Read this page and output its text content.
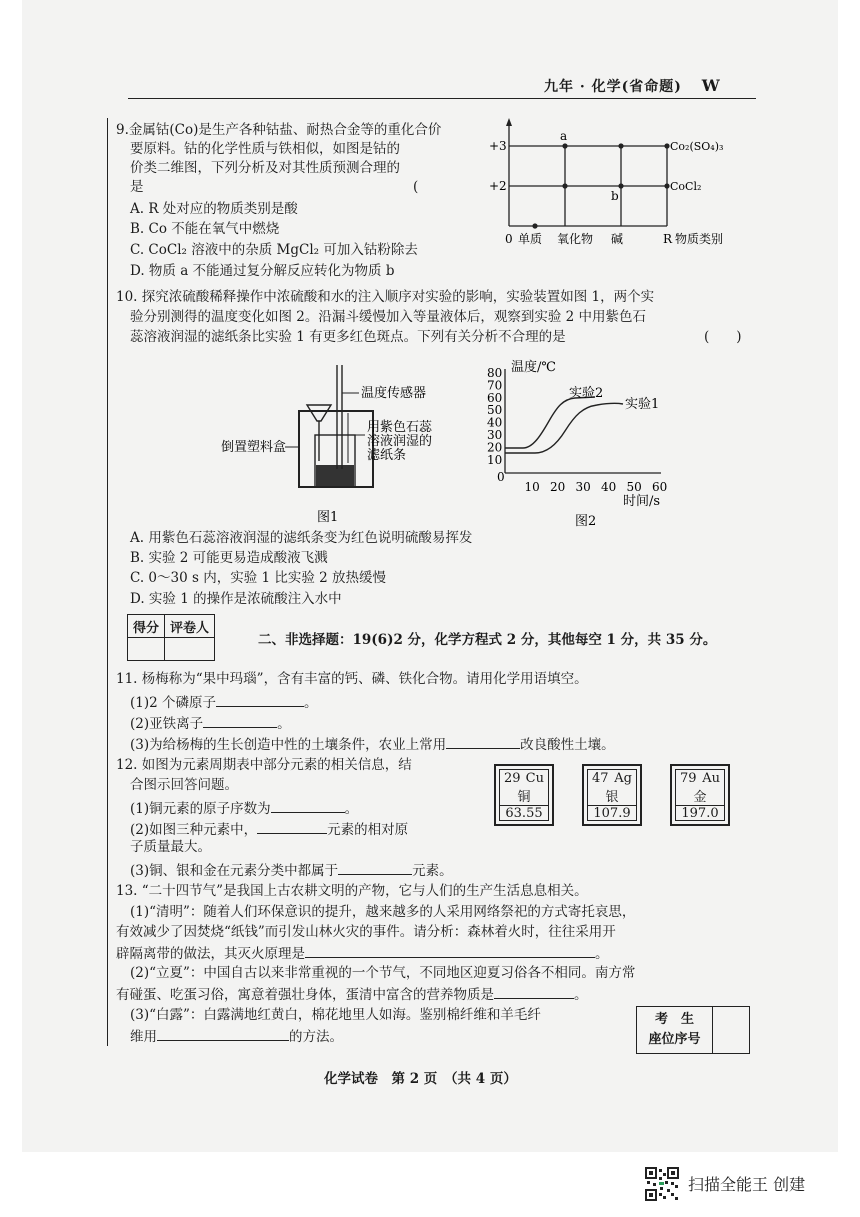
九年 · 化学(省命题) W
9.金属钴(Co)是生产各种钴盐、耐热合金等的重化合价
要原料。钴的化学性质与铁相似，如图是钴的
价类二维图，下列分析及对其性质预测合理的
是	(
A. R 处对应的物质类别是酸
B. Co 不能在氧气中燃烧
C. CoCl₂ 溶液中的杂质 MgCl₂ 可加入钴粉除去
D. 物质 a 不能通过复分解反应转化为物质 b
+3
+2
a
b
Co₂(SO₄)₃
CoCl₂
0 单质 氧化物 碱	R 物质类别
10. 探究浓硫酸稀释操作中浓硫酸和水的注入顺序对实验的影响，实验装置如图 1，两个实
验分别测得的温度变化如图 2。沿漏斗缓慢加入等量液体后，观察到实验 2 中用紫色石
蕊溶液润湿的滤纸条比实验 1 有更多红色斑点。下列有关分析不合理的是	(　　)
温度传感器
倒置塑料盒
用紫色石蕊
溶液润湿的
滤纸条
图1
温度/℃
时间/s
80
70
60
50
40
30
20
10
0
10 20 30 40 50 60
实验2
实验1
图2
A. 用紫色石蕊溶液润湿的滤纸条变为红色说明硫酸易挥发
B. 实验 2 可能更易造成酸液飞溅
C. 0～30 s 内，实验 1 比实验 2 放热缓慢
D. 实验 1 的操作是浓硫酸注入水中
得分	评卷人

二、非选择题：19(6)2 分，化学方程式 2 分，其他每空 1 分，共 35 分。
11. 杨梅称为“果中玛瑙”，含有丰富的钙、磷、铁化合物。请用化学用语填空。
(1)2 个磷原子	。
(2)亚铁离子	。
(3)为给杨梅的生长创造中性的土壤条件，农业上常用	改良酸性土壤。
12. 如图为元素周期表中部分元素的相关信息，结
合图示回答问题。
(1)铜元素的原子序数为	。
(2)如图三种元素中，	元素的相对原
子质量最大。
(3)铜、银和金在元素分类中都属于	元素。
29 Cu
铜
63.55
47 Ag
银
107.9
79 Au
金
197.0
13. “二十四节气”是我国上古农耕文明的产物，它与人们的生产生活息息相关。
(1)“清明”：随着人们环保意识的提升，越来越多的人采用网络祭祀的方式寄托哀思，
有效减少了因焚烧“纸钱”而引发山林火灾的事件。请分析：森林着火时，往往采用开
辟隔离带的做法，其灭火原理是	。
(2)“立夏”：中国自古以来非常重视的一个节气，不同地区迎夏习俗各不相同。南方常
有碰蛋、吃蛋习俗，寓意着强壮身体，蛋清中富含的营养物质是	。
(3)“白露”：白露满地红黄白，棉花地里人如海。鉴别棉纤维和羊毛纤
维用	的方法。
考　生
座位序号
化学试卷　第 2 页　（共 4 页）
扫描全能王 创建
